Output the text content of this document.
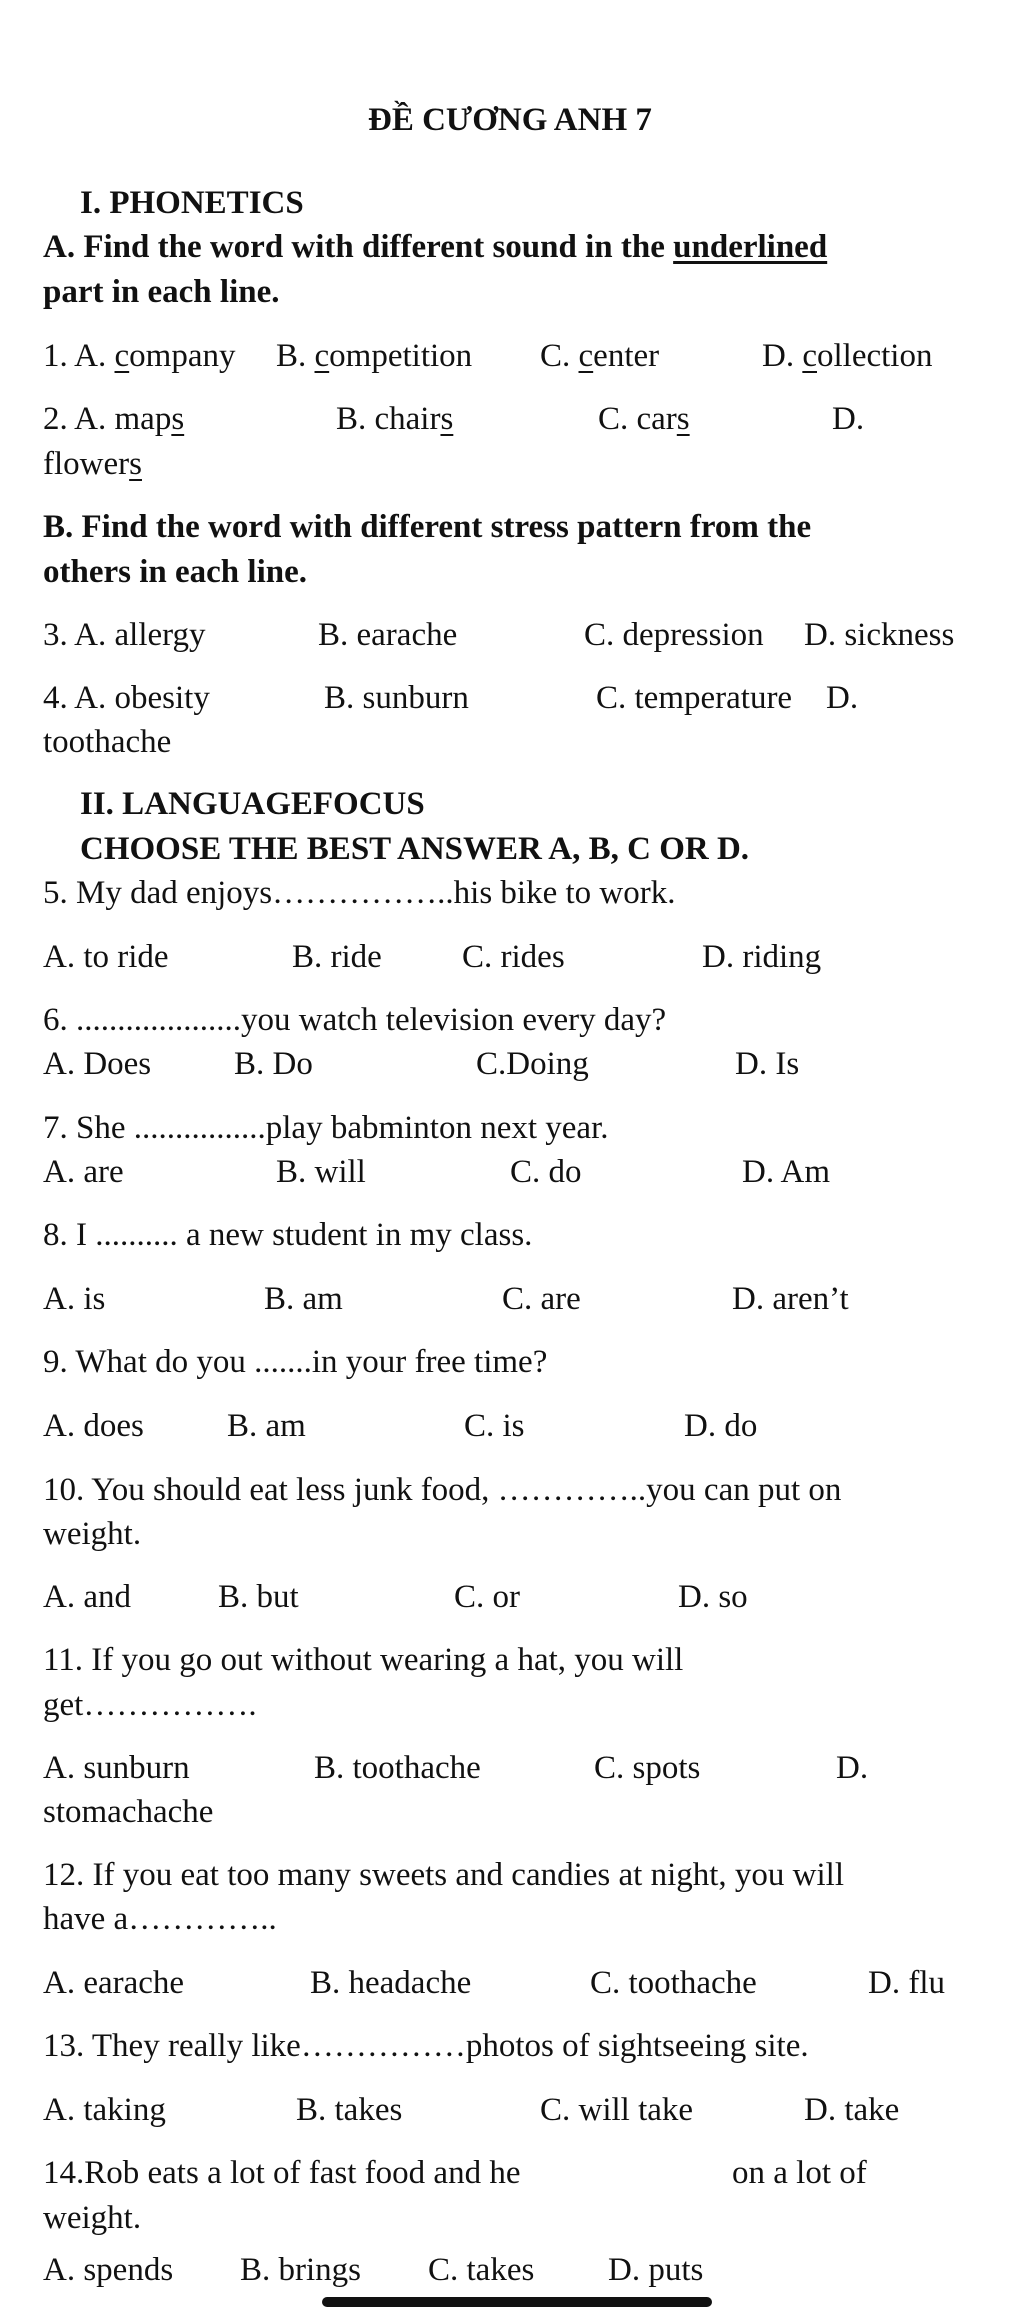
ĐỀ CƯƠNG ANH 7
I. PHONETICS
A. Find the word with different sound in the underlined
part in each line.
1. A. company B. competition C. center	D. collection
2. A. maps	B. chairs	C. cars	D.
flowers
B. Find the word with different stress pattern from the
others in each line.
3. A. allergy	B. earache	C. depression D. sickness
4. A. obesity	B. sunburn	C. temperature D.
toothache
II. LANGUAGEFOCUS
CHOOSE THE BEST ANSWER A, B, C OR D.
5. My dad enjoys……………..his bike to work.
A. to ride	B. ride C. rides	D. riding
6. ....................you watch television every day?
A. Does	B. Do	C.Doing	D. Is
7. She ................play babminton next year.
A. are	B. will	C. do	D. Am
8. I .......... a new student in my class.
A. is	B. am	C. are	D. aren’t
9. What do you .......in your free time?
A. does	B. am	C. is	D. do
10. You should eat less junk food, …………..you can put on
weight.
A. and	B. but	C. or	D. so
11. If you go out without wearing a hat, you will
get…………….
A. sunburn	B. toothache	C. spots	D.
stomachache
12. If you eat too many sweets and candies at night, you will
have a…………..
A. earache	B. headache	C. toothache	D. flu
13. They really like……………photos of sightseeing site.
A. taking	B. takes	C. will take	D. take
14.Rob eats a lot of fast food and he	on a lot of
weight.
A. spends B. brings C. takes D. puts
